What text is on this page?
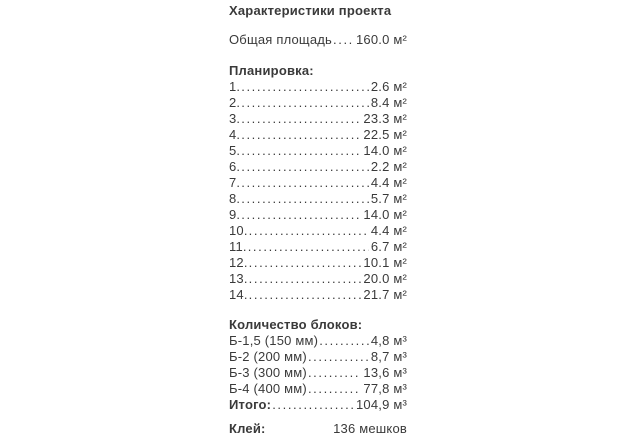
Характеристики проекта
Общая площадь ..... 160.0 м²
Планировка:
1. .....	2.6 м²
2. .....	8.4 м²
3. .....	23.3 м²
4. .....	22.5 м²
5. .....	14.0 м²
6. .....	2.2 м²
7. .....	4.4 м²
8. .....	5.7 м²
9. .....	14.0 м²
10. .....	4.4 м²
11. .....	6.7 м²
12. .....	10.1 м²
13. .....	20.0 м²
14. .....	21.7 м²
Количество блоков:
Б-1,5 (150 мм) .....	4,8 м³
Б-2 (200 мм) .....	8,7 м³
Б-3 (300 мм) .....	13,6 м³
Б-4 (400 мм) .....	77,8 м³
Итого: .....	104,9 м³
Клей:	136 мешков
